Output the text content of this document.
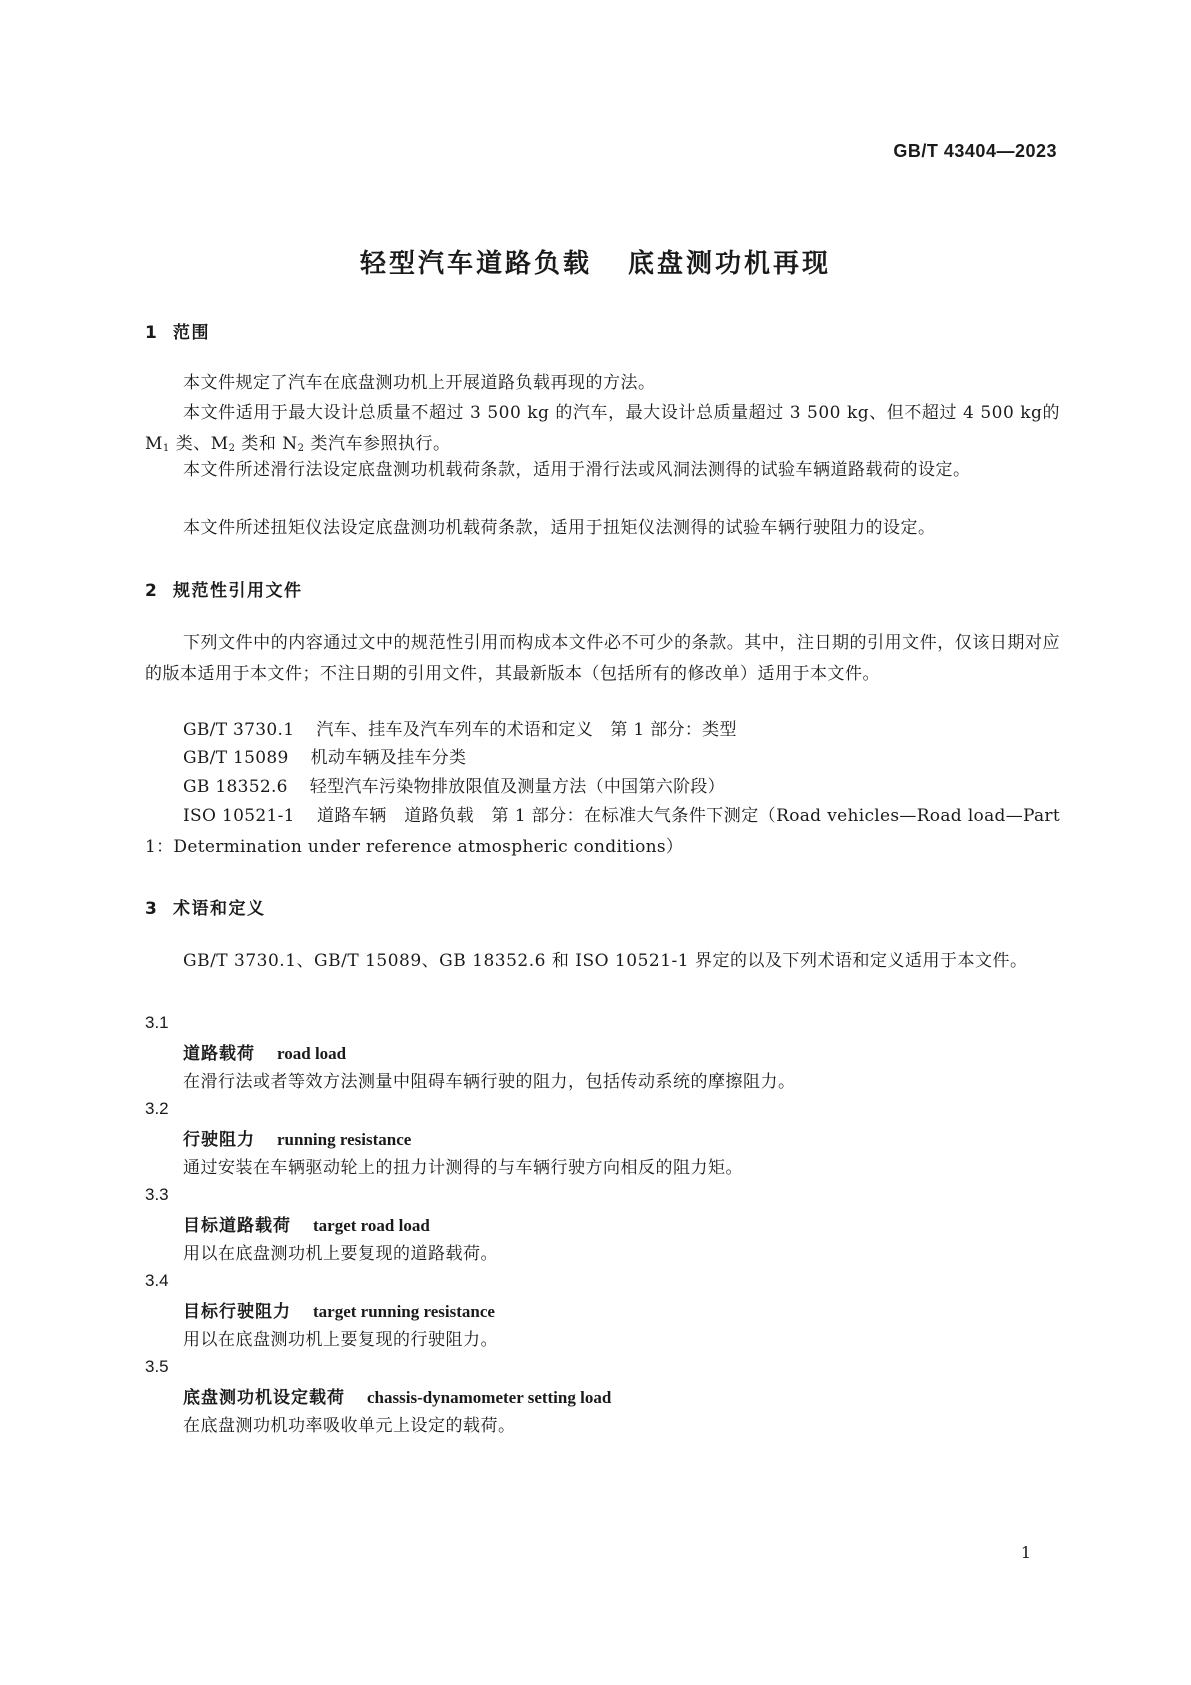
GB/T 43404—2023
轻型汽车道路负载 底盘测功机再现
1 范围
本文件规定了汽车在底盘测功机上开展道路负载再现的方法。
本文件适用于最大设计总质量不超过 3 500 kg 的汽车，最大设计总质量超过 3 500 kg、但不超过 4 500 kg的 $M_1$ 类、$M_2$ 类和 $N_2$ 类汽车参照执行。
本文件所述滑行法设定底盘测功机载荷条款，适用于滑行法或风洞法测得的试验车辆道路载荷的设定。
本文件所述扭矩仪法设定底盘测功机载荷条款，适用于扭矩仪法测得的试验车辆行驶阻力的设定。
2 规范性引用文件
下列文件中的内容通过文中的规范性引用而构成本文件必不可少的条款。其中，注日期的引用文件，仅该日期对应的版本适用于本文件；不注日期的引用文件，其最新版本（包括所有的修改单）适用于本文件。
GB/T 3730.1 汽车、挂车及汽车列车的术语和定义　第 1 部分：类型
GB/T 15089 机动车辆及挂车分类
GB 18352.6 轻型汽车污染物排放限值及测量方法（中国第六阶段）
ISO 10521-1 道路车辆　道路负载　第 1 部分：在标准大气条件下测定（Road vehicles—Road load—Part 1：Determination under reference atmospheric conditions）
3 术语和定义
GB/T 3730.1、GB/T 15089、GB 18352.6 和 ISO 10521-1 界定的以及下列术语和定义适用于本文件。
3.1
道路载荷 road load
在滑行法或者等效方法测量中阻碍车辆行驶的阻力，包括传动系统的摩擦阻力。
3.2
行驶阻力 running resistance
通过安装在车辆驱动轮上的扭力计测得的与车辆行驶方向相反的阻力矩。
3.3
目标道路载荷 target road load
用以在底盘测功机上要复现的道路载荷。
3.4
目标行驶阻力 target running resistance
用以在底盘测功机上要复现的行驶阻力。
3.5
底盘测功机设定载荷 chassis-dynamometer setting load
在底盘测功机功率吸收单元上设定的载荷。
1
